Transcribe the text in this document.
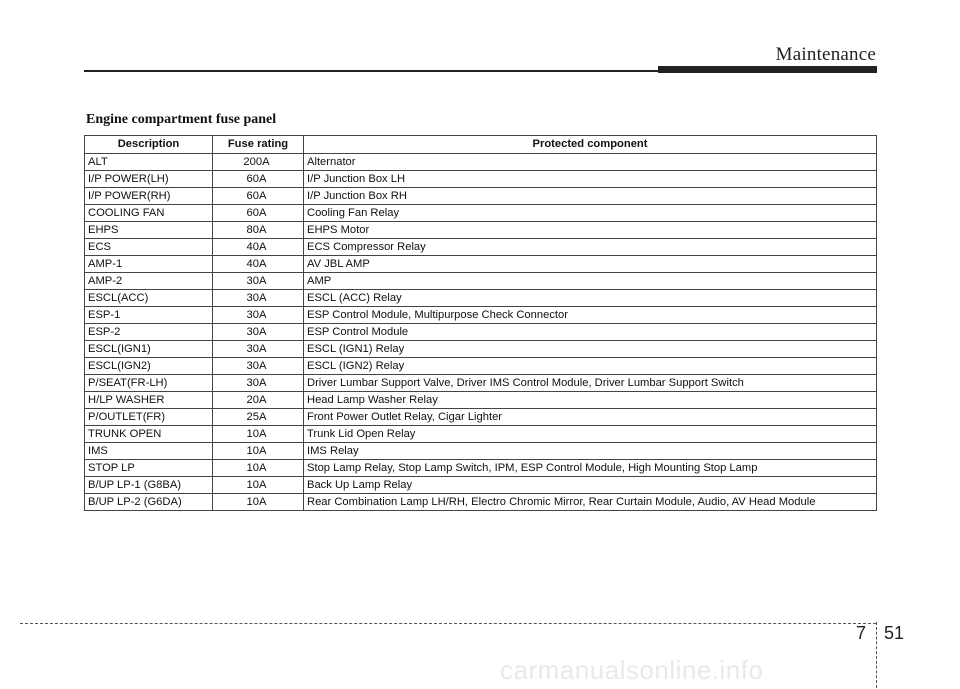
Maintenance
Engine compartment fuse panel
Description	Fuse rating	Protected component
ALT	200A	Alternator
I/P POWER(LH)	60A	I/P Junction Box LH
I/P POWER(RH)	60A	I/P Junction Box RH
COOLING FAN	60A	Cooling Fan Relay
EHPS	80A	EHPS Motor
ECS	40A	ECS Compressor Relay
AMP-1	40A	AV JBL AMP
AMP-2	30A	AMP
ESCL(ACC)	30A	ESCL (ACC) Relay
ESP-1	30A	ESP Control Module, Multipurpose Check Connector
ESP-2	30A	ESP Control Module
ESCL(IGN1)	30A	ESCL (IGN1) Relay
ESCL(IGN2)	30A	ESCL (IGN2) Relay
P/SEAT(FR-LH)	30A	Driver Lumbar Support Valve, Driver IMS Control Module, Driver Lumbar Support Switch
H/LP WASHER	20A	Head Lamp Washer Relay
P/OUTLET(FR)	25A	Front Power Outlet Relay, Cigar Lighter
TRUNK OPEN	10A	Trunk Lid Open Relay
IMS	10A	IMS Relay
STOP LP	10A	Stop Lamp Relay, Stop Lamp Switch, IPM, ESP Control Module, High Mounting Stop Lamp
B/UP LP-1 (G8BA)	10A	Back Up Lamp Relay
B/UP LP-2 (G6DA)	10A	Rear Combination Lamp LH/RH, Electro Chromic Mirror, Rear Curtain Module, Audio, AV Head Module
7 51
carmanualsonline.info
